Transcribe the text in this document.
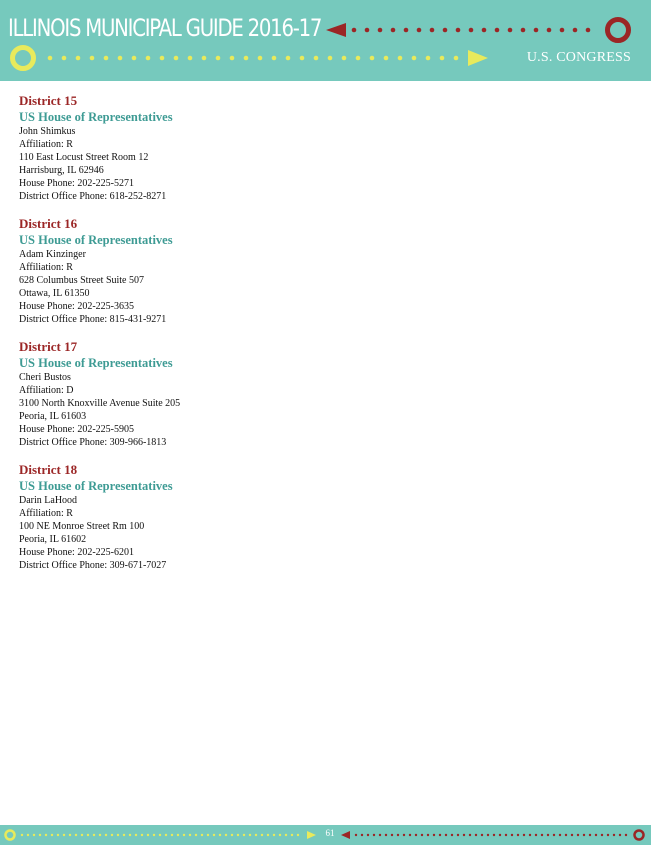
ILLINOIS MUNICIPAL GUIDE 2016-17
U.S. CONGRESS
District 15
US House of Representatives
John Shimkus
Affiliation: R
110 East Locust Street Room 12
Harrisburg, IL 62946
House Phone: 202-225-5271
District Office Phone: 618-252-8271
District 16
US House of Representatives
Adam Kinzinger
Affiliation: R
628 Columbus Street Suite 507
Ottawa, IL 61350
House Phone: 202-225-3635
District Office Phone: 815-431-9271
District 17
US House of Representatives
Cheri Bustos
Affiliation: D
3100 North Knoxville Avenue Suite 205
Peoria, IL 61603
House Phone: 202-225-5905
District Office Phone: 309-966-1813
District 18
US House of Representatives
Darin LaHood
Affiliation: R
100 NE Monroe Street Rm 100
Peoria, IL 61602
House Phone: 202-225-6201
District Office Phone: 309-671-7027
61
